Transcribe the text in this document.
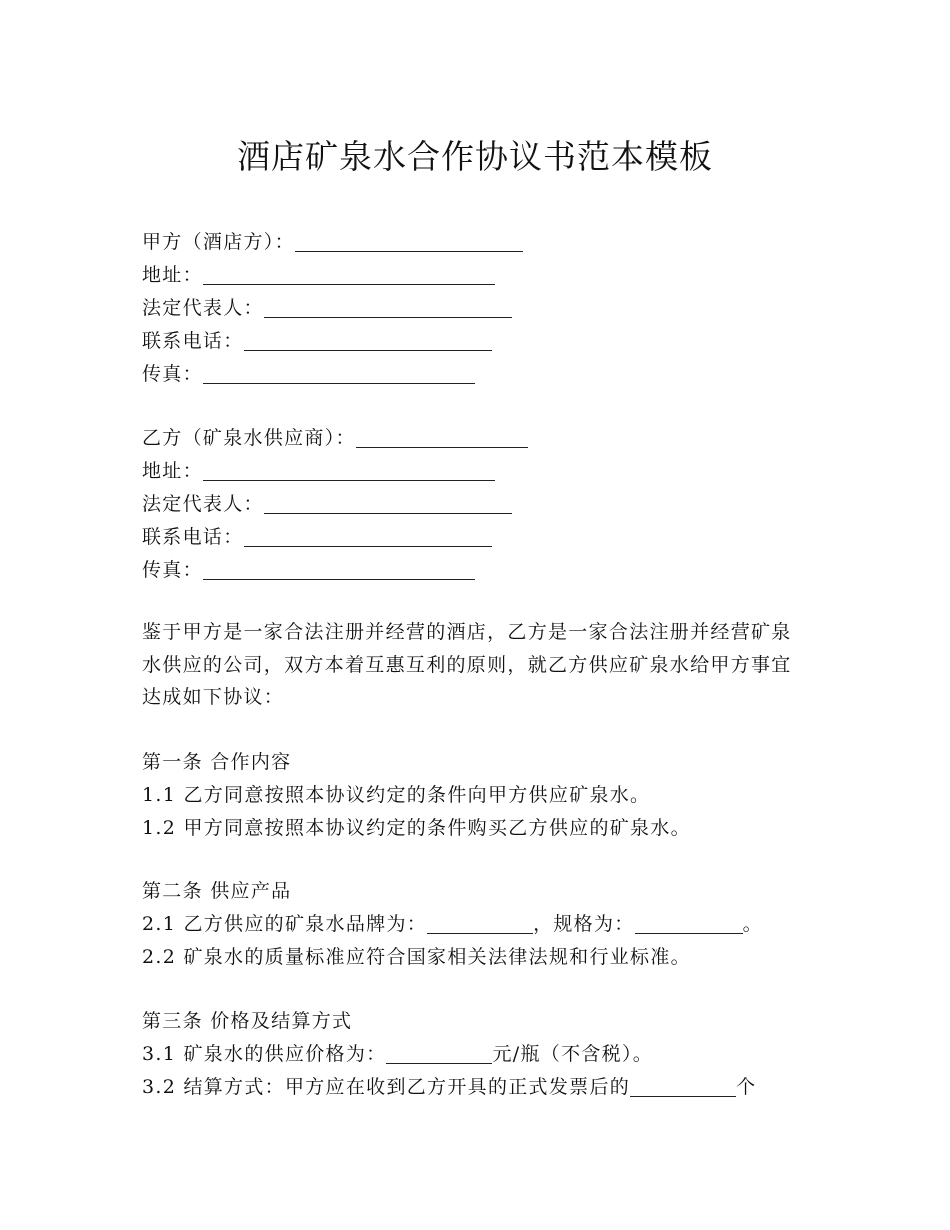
酒店矿泉水合作协议书范本模板
甲方（酒店方）：
地址：
法定代表人：
联系电话：
传真：
乙方（矿泉水供应商）：
地址：
法定代表人：
联系电话：
传真：
鉴于甲方是一家合法注册并经营的酒店，乙方是一家合法注册并经营矿泉水供应的公司，双方本着互惠互利的原则，就乙方供应矿泉水给甲方事宜达成如下协议：
第一条 合作内容
1.1 乙方同意按照本协议约定的条件向甲方供应矿泉水。
1.2 甲方同意按照本协议约定的条件购买乙方供应的矿泉水。
第二条 供应产品
2.1 乙方供应的矿泉水品牌为：	，规格为：	。
2.2 矿泉水的质量标准应符合国家相关法律法规和行业标准。
第三条 价格及结算方式
3.1 矿泉水的供应价格为：	元/瓶（不含税）。
3.2 结算方式：甲方应在收到乙方开具的正式发票后的	个
